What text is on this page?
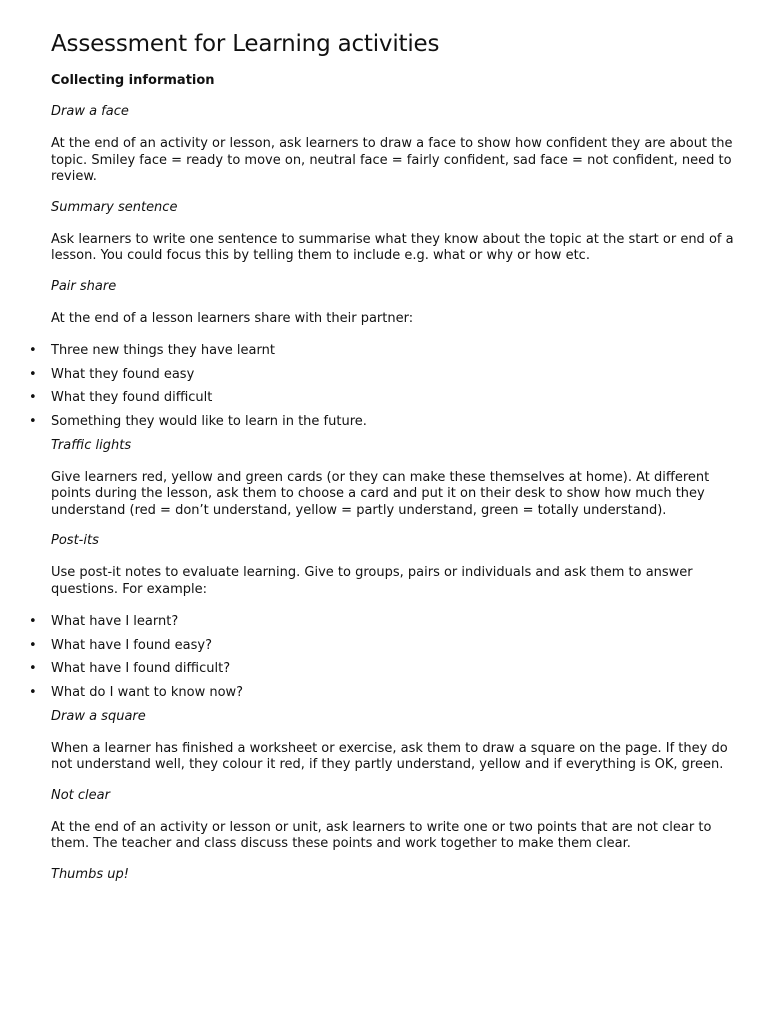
Assessment for Learning activities
Collecting information
Draw a face

At the end of an activity or lesson, ask learners to draw a face to show how confident they are about the topic. Smiley face = ready to move on, neutral face = fairly confident, sad face = not confident, need to review.

Summary sentence

Ask learners to write one sentence to summarise what they know about the topic at the start or end of a lesson. You could focus this by telling them to include e.g. what or why or how etc.

Pair share

At the end of a lesson learners share with their partner:

• Three new things they have learnt
• What they found easy
• What they found difficult
• Something they would like to learn in the future.
Traffic lights

Give learners red, yellow and green cards (or they can make these themselves at home). At different points during the lesson, ask them to choose a card and put it on their desk to show how much they understand (red = don’t understand, yellow = partly understand, green = totally understand).

Post-its

Use post-it notes to evaluate learning. Give to groups, pairs or individuals and ask them to answer questions. For example:

• What have I learnt?
• What have I found easy?
• What have I found difficult?
• What do I want to know now?
Draw a square

When a learner has finished a worksheet or exercise, ask them to draw a square on the page. If they do not understand well, they colour it red, if they partly understand, yellow and if everything is OK, green.

Not clear

At the end of an activity or lesson or unit, ask learners to write one or two points that are not clear to them. The teacher and class discuss these points and work together to make them clear.

Thumbs up!
